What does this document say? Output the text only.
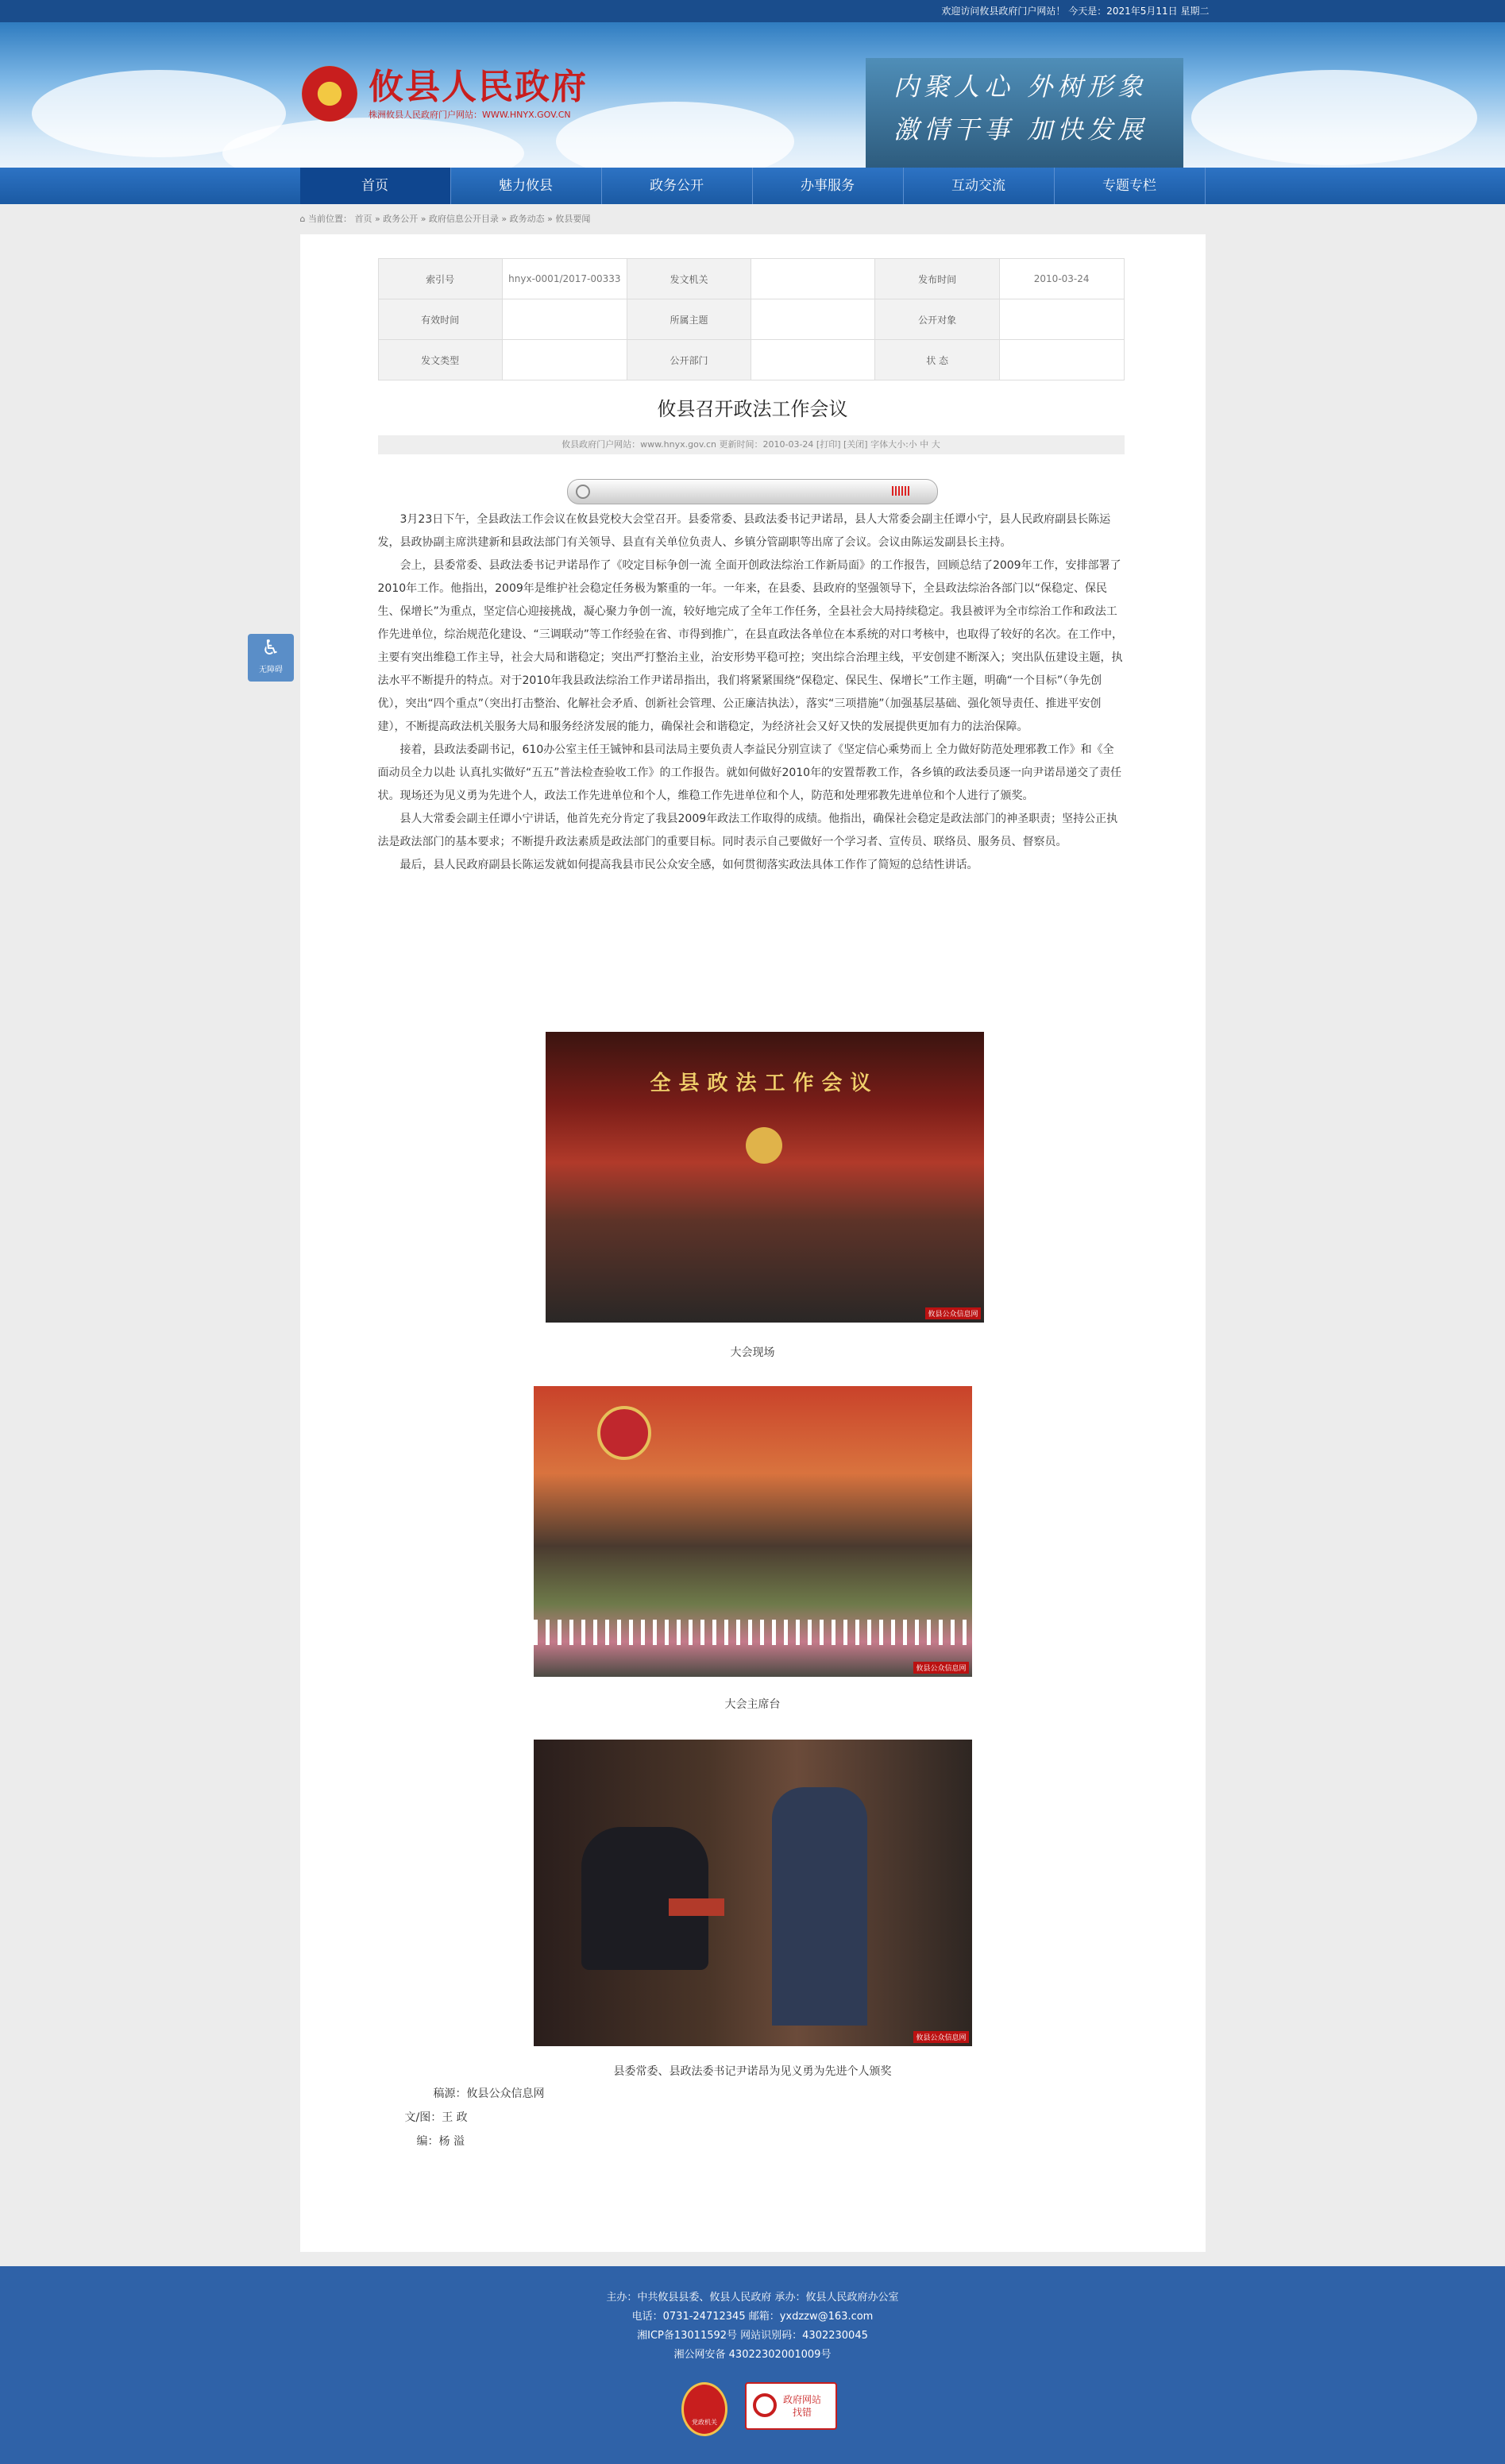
欢迎访问攸县政府门户网站！ 今天是：2021年5月11日 星期二
攸县人民政府
株洲攸县人民政府门户网站：WWW.HNYX.GOV.CN
内聚人心 外树形象
激情干事 加快发展
首页	魅力攸县	政务公开	办事服务	互动交流	专题专栏
⌂ 当前位置： 首页 » 政务公开 » 政府信息公开目录 » 政务动态 » 攸县要闻
索引号	hnyx-0001/2017-00333	发文机关		发布时间	2010-03-24
有效时间		所属主题		公开对象	
发文类型		公开部门		状 态	
攸县召开政法工作会议
攸县政府门户网站：www.hnyx.gov.cn 更新时间：2010-03-24 [打印] [关闭] 字体大小:小 中 大

3月23日下午，全县政法工作会议在攸县党校大会堂召开。县委常委、县政法委书记尹诺昂，县人大常委会副主任谭小宁，县人民政府副县长陈运发，县政协副主席洪建新和县政法部门有关领导、县直有关单位负责人、乡镇分管副职等出席了会议。会议由陈运发副县长主持。

会上，县委常委、县政法委书记尹诺昂作了《咬定目标争创一流 全面开创政法综治工作新局面》的工作报告，回顾总结了2009年工作，安排部署了2010年工作。他指出，2009年是维护社会稳定任务极为繁重的一年。一年来，在县委、县政府的坚强领导下，全县政法综治各部门以“保稳定、保民生、保增长”为重点，坚定信心迎接挑战，凝心聚力争创一流，较好地完成了全年工作任务，全县社会大局持续稳定。我县被评为全市综治工作和政法工作先进单位，综治规范化建设、“三调联动”等工作经验在省、市得到推广，在县直政法各单位在本系统的对口考核中，也取得了较好的名次。在工作中，主要有突出维稳工作主导，社会大局和谐稳定；突出严打整治主业，治安形势平稳可控；突出综合治理主线，平安创建不断深入；突出队伍建设主题，执法水平不断提升的特点。对于2010年我县政法综治工作尹诺昂指出，我们将紧紧围绕“保稳定、保民生、保增长”工作主题，明确“一个目标”（争先创优），突出“四个重点”（突出打击整治、化解社会矛盾、创新社会管理、公正廉洁执法），落实“三项措施”（加强基层基础、强化领导责任、推进平安创建），不断提高政法机关服务大局和服务经济发展的能力，确保社会和谐稳定，为经济社会又好又快的发展提供更加有力的法治保障。

接着，县政法委副书记，610办公室主任王铖钟和县司法局主要负责人李益民分别宣读了《坚定信心乘势而上 全力做好防范处理邪教工作》和《全面动员全力以赴 认真扎实做好“五五”普法检查验收工作》的工作报告。就如何做好2010年的安置帮教工作，各乡镇的政法委员逐一向尹诺昂递交了责任状。现场还为见义勇为先进个人，政法工作先进单位和个人，维稳工作先进单位和个人，防范和处理邪教先进单位和个人进行了颁奖。

县人大常委会副主任谭小宁讲话，他首先充分肯定了我县2009年政法工作取得的成绩。他指出，确保社会稳定是政法部门的神圣职责；坚持公正执法是政法部门的基本要求；不断提升政法素质是政法部门的重要目标。同时表示自己要做好一个学习者、宣传员、联络员、服务员、督察员。

最后，县人民政府副县长陈运发就如何提高我县市民公众安全感，如何贯彻落实政法具体工作作了简短的总结性讲话。

全县政法工作会议
攸县公众信息网
大会现场
攸县公众信息网
大会主席台
攸县公众信息网
县委常委、县政法委书记尹诺昂为见义勇为先进个人颁奖
稿源：攸县公众信息网
文/图：王 政
编：杨 溢
♿
无障碍

主办：中共攸县县委、攸县人民政府 承办：攸县人民政府办公室

电话：0731-24712345 邮箱：yxdzzw@163.com

湘ICP备13011592号 网站识别码：4302230045

湘公网安备 43022302001009号

党政机关
政府网站 找错
